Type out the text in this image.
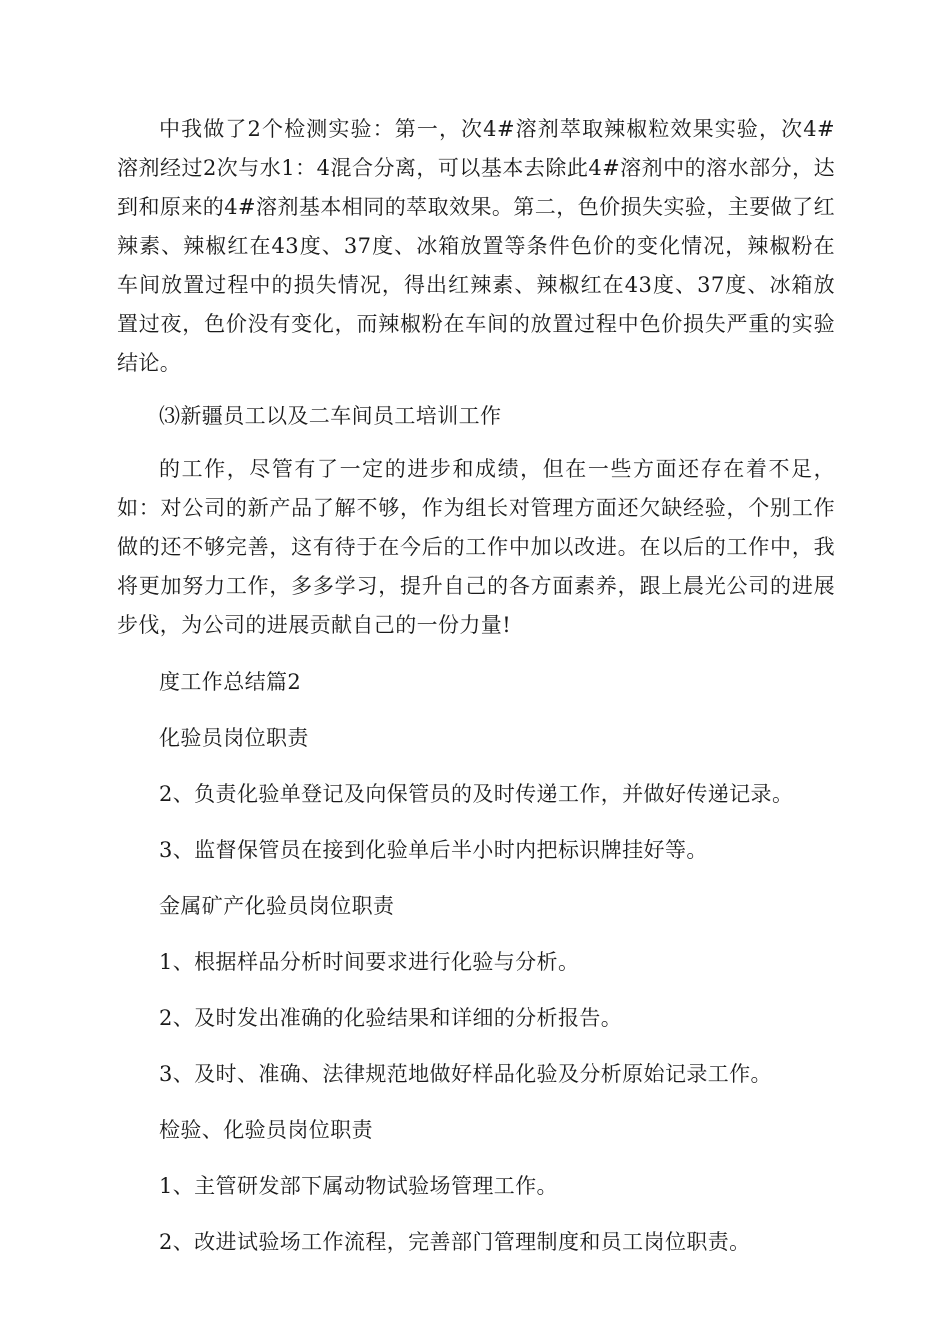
中我做了2个检测实验：第一，次4#溶剂萃取辣椒粒效果实验，次4#溶剂经过2次与水1：4混合分离，可以基本去除此4#溶剂中的溶水部分，达到和原来的4#溶剂基本相同的萃取效果。第二，色价损失实验，主要做了红辣素、辣椒红在43度、37度、冰箱放置等条件色价的变化情况，辣椒粉在车间放置过程中的损失情况，得出红辣素、辣椒红在43度、37度、冰箱放置过夜，色价没有变化，而辣椒粉在车间的放置过程中色价损失严重的实验结论。

⑶新疆员工以及二车间员工培训工作

的工作，尽管有了一定的进步和成绩，但在一些方面还存在着不足，如：对公司的新产品了解不够，作为组长对管理方面还欠缺经验，个别工作做的还不够完善，这有待于在今后的工作中加以改进。在以后的工作中，我将更加努力工作，多多学习，提升自己的各方面素养，跟上晨光公司的进展步伐，为公司的进展贡献自己的一份力量!

度工作总结篇2

化验员岗位职责

2、负责化验单登记及向保管员的及时传递工作，并做好传递记录。

3、监督保管员在接到化验单后半小时内把标识牌挂好等。

金属矿产化验员岗位职责

1、根据样品分析时间要求进行化验与分析。

2、及时发出准确的化验结果和详细的分析报告。

3、及时、准确、法律规范地做好样品化验及分析原始记录工作。

检验、化验员岗位职责

1、主管研发部下属动物试验场管理工作。

2、改进试验场工作流程，完善部门管理制度和员工岗位职责。
